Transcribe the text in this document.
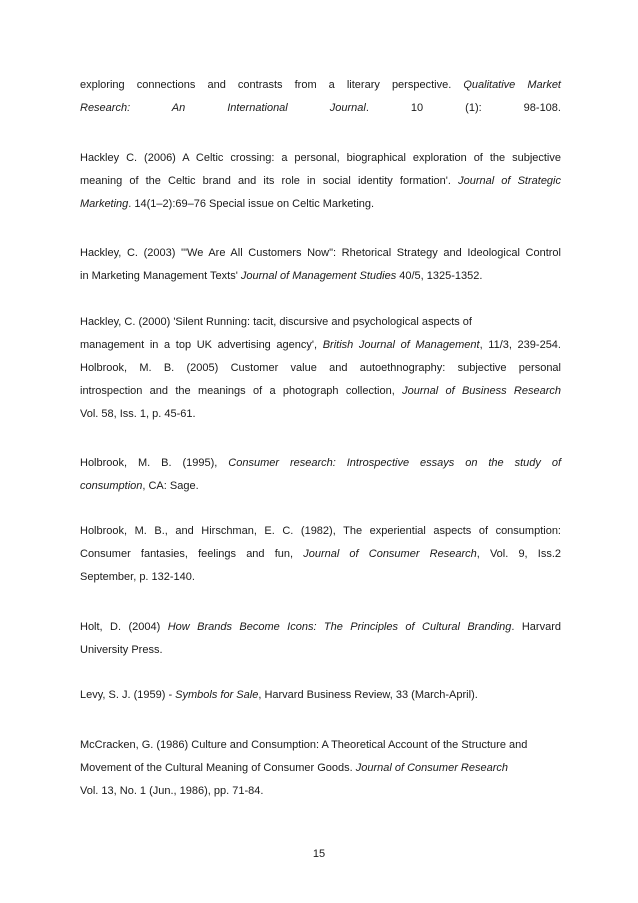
exploring connections and contrasts from a literary perspective. Qualitative Market
Research: An International Journal. 10 (1): 98-108.
Hackley C. (2006) A Celtic crossing: a personal, biographical exploration of the subjective
meaning of the Celtic brand and its role in social identity formation'. Journal of Strategic
Marketing. 14(1–2):69–76 Special issue on Celtic Marketing.
Hackley, C. (2003) '"We Are All Customers Now": Rhetorical Strategy and Ideological Control
in Marketing Management Texts' Journal of Management Studies 40/5, 1325-1352.
Hackley, C. (2000) 'Silent Running: tacit, discursive and psychological aspects of
management in a top UK advertising agency', British Journal of Management, 11/3, 239-254.
Holbrook, M. B. (2005) Customer value and autoethnography: subjective personal
introspection and the meanings of a photograph collection, Journal of Business Research
Vol. 58, Iss. 1, p. 45-61.
Holbrook, M. B. (1995), Consumer research: Introspective essays on the study of
consumption, CA: Sage.
Holbrook, M. B., and Hirschman, E. C. (1982), The experiential aspects of consumption:
Consumer fantasies, feelings and fun, Journal of Consumer Research, Vol. 9, Iss.2
September, p. 132-140.
Holt, D. (2004) How Brands Become Icons: The Principles of Cultural Branding. Harvard
University Press.
Levy, S. J. (1959) - Symbols for Sale, Harvard Business Review, 33 (March-April).
McCracken, G. (1986) Culture and Consumption: A Theoretical Account of the Structure and
Movement of the Cultural Meaning of Consumer Goods. Journal of Consumer Research
Vol. 13, No. 1 (Jun., 1986), pp. 71-84.
15
